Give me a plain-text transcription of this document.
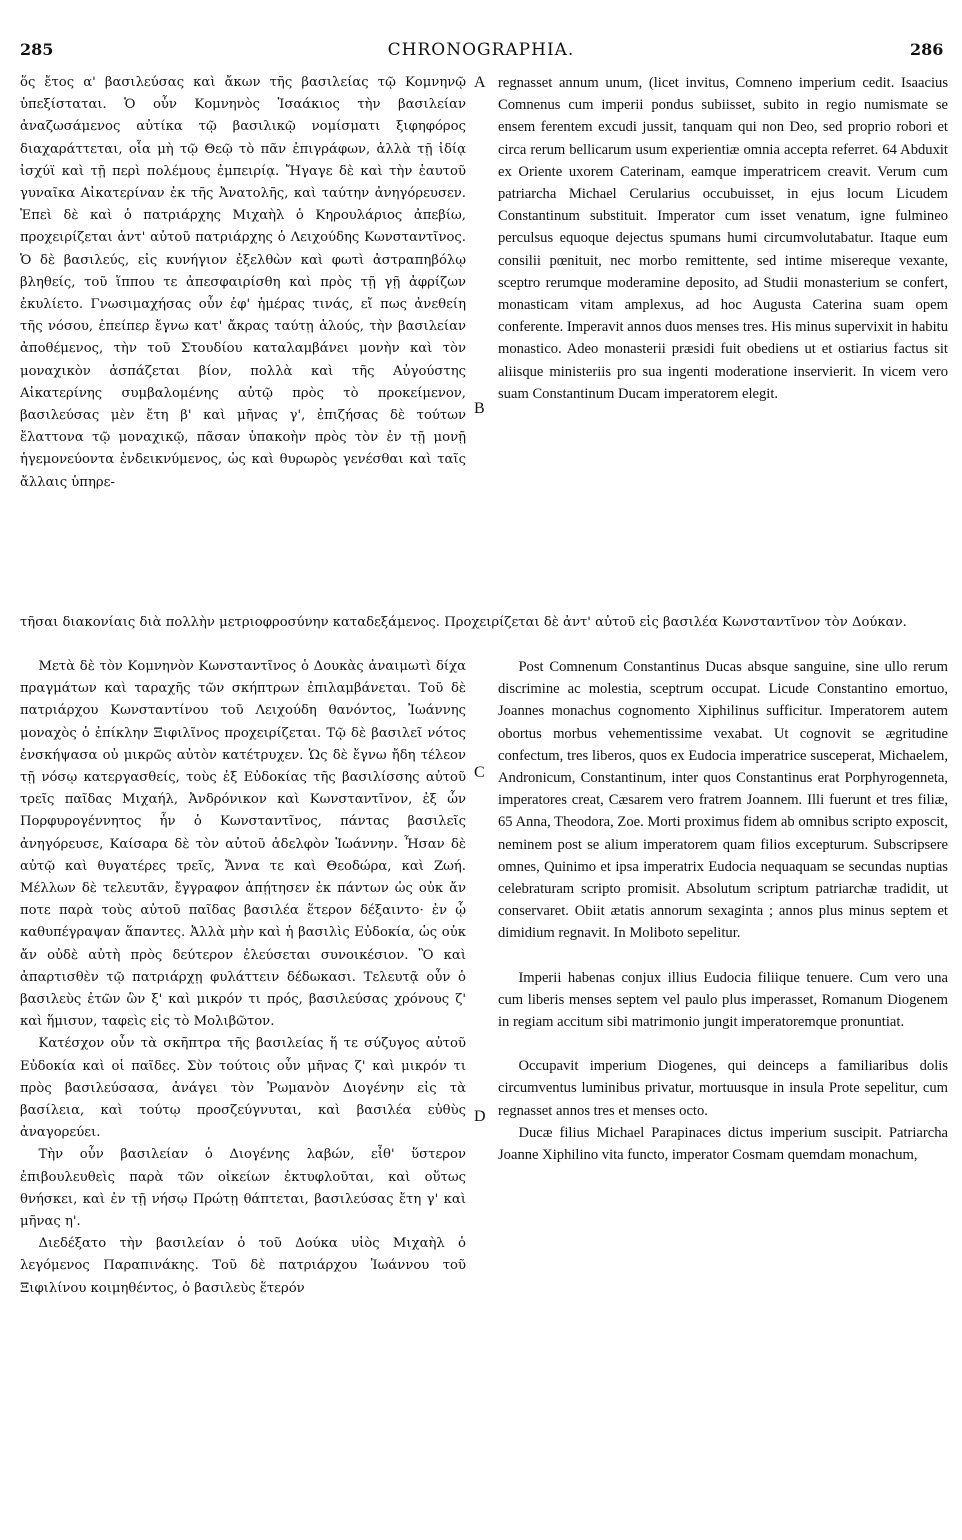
285	CHRONOGRAPHIA.	286
A
B
C
D

ὅς ἔτος α' βασιλεύσας καὶ ἄκων τῆς βασιλείας τῷ Κομνηνῷ ὑπεξίσταται. Ὁ οὖν Κομνηνὸς Ἰσαάκιος τὴν βασιλείαν ἀναζωσάμενος αὐτίκα τῷ βασιλικῷ νομίσματι ξιφηφόρος διαχαράττεται, οἷα μὴ τῷ Θεῷ τὸ πᾶν ἐπιγράφων, ἀλλὰ τῇ ἰδίᾳ ἰσχύϊ καὶ τῇ περὶ πολέμους ἐμπειρίᾳ. Ἤγαγε δὲ καὶ τὴν ἑαυτοῦ γυναῖκα Αἰκατερίναν ἐκ τῆς Ἀνατολῆς, καὶ ταύτην ἀνηγόρευσεν. Ἐπεὶ δὲ καὶ ὁ πατριάρχης Μιχαὴλ ὁ Κηρουλάριος ἀπεβίω, προχειρίζεται ἀντ' αὐτοῦ πατριάρχης ὁ Λειχούδης Κωνσταντῖνος. Ὁ δὲ βασιλεύς, εἰς κυνήγιον ἐξελθὼν καὶ φωτὶ ἀστραπηβόλῳ βληθείς, τοῦ ἵππου τε ἀπεσφαιρίσθη καὶ πρὸς τῇ γῇ ἀφρίζων ἐκυλίετο. Γνωσιμαχήσας οὖν ἐφ' ἡμέρας τινάς, εἴ πως ἀνεθείη τῆς νόσου, ἐπείπερ ἔγνω κατ' ἄκρας ταύτῃ ἁλούς, τὴν βασιλείαν ἀποθέμενος, τὴν τοῦ Στουδίου καταλαμβάνει μονὴν καὶ τὸν μοναχικὸν ἀσπάζεται βίον, πολλὰ καὶ τῆς Αὐγούστης Αἰκατερίνης συμβαλομένης αὐτῷ πρὸς τὸ προκείμενον, βασιλεύσας μὲν ἔτη β' καὶ μῆνας γ', ἐπιζήσας δὲ τούτων ἔλαττονα τῷ μοναχικῷ, πᾶσαν ὑπακοὴν πρὸς τὸν ἐν τῇ μονῇ ἡγεμονεύοντα ἐνδεικνύμενος, ὡς καὶ θυρωρὸς γενέσθαι καὶ ταῖς ἄλλαις ὑπηρε-

regnasset annum unum, (licet invitus, Comneno imperium cedit. Isaacius Comnenus cum imperii pondus subiisset, subito in regio numismate se ensem ferentem excudi jussit, tanquam qui non Deo, sed proprio robori et circa rerum bellicarum usum experientiæ omnia accepta referret. 64 Abduxit ex Oriente uxorem Caterinam, eamque imperatricem creavit. Verum cum patriarcha Michael Cerularius occubuisset, in ejus locum Licudem Constantinum substituit. Imperator cum isset venatum, igne fulmineo perculsus equoque dejectus spumans humi circumvolutabatur. Itaque eum consilii pœnituit, nec morbo remittente, sed intime misereque vexante, sceptro rerumque moderamine deposito, ad Studii monasterium se confert, monasticam vitam amplexus, ad hoc Augusta Caterina suam opem conferente. Imperavit annos duos menses tres. His minus supervixit in habitu monastico. Adeo monasterii præsidi fuit obediens ut et ostiarius factus sit aliisque ministeriis pro sua ingenti moderatione inservierit. In vicem vero suam Constantinum Ducam imperatorem elegit.

τῆσαι διακονίαις διὰ πολλὴν μετριοφροσύνην καταδεξάμενος. Προχειρίζεται δὲ ἀντ' αὐτοῦ εἰς βασιλέα Κωνσταντῖνον τὸν Δούκαν.

Μετὰ δὲ τὸν Κομνηνὸν Κωνσταντῖνος ὁ Δουκὰς ἀναιμωτὶ δίχα πραγμάτων καὶ ταραχῆς τῶν σκήπτρων ἐπιλαμβάνεται. Τοῦ δὲ πατριάρχου Κωνσταντίνου τοῦ Λειχούδη θανόντος, Ἰωάννης μοναχὸς ὁ ἐπίκλην Ξιφιλῖνος προχειρίζεται. Τῷ δὲ βασιλεῖ νότος ἐνσκήψασα οὐ μικρῶς αὐτὸν κατέτρυχεν. Ὡς δὲ ἔγνω ἤδη τέλεον τῇ νόσῳ κατεργασθείς, τοὺς ἐξ Εὐδοκίας τῆς βασιλίσσης αὐτοῦ τρεῖς παῖδας Μιχαήλ, Ἀνδρόνικον καὶ Κωνσταντῖνον, ἐξ ὧν Πορφυρογέννητος ἦν ὁ Κωνσταντῖνος, πάντας βασιλεῖς ἀνηγόρευσε, Καίσαρα δὲ τὸν αὐτοῦ ἀδελφὸν Ἰωάννην. Ἦσαν δὲ αὐτῷ καὶ θυγατέρες τρεῖς, Ἄννα τε καὶ Θεοδώρα, καὶ Ζωή. Μέλλων δὲ τελευτᾶν, ἔγγραφον ἀπῄτησεν ἐκ πάντων ὡς οὐκ ἄν ποτε παρὰ τοὺς αὐτοῦ παῖδας βασιλέα ἕτερον δέξαιντο· ἐν ᾧ καθυπέγραψαν ἅπαντες. Ἀλλὰ μὴν καὶ ἡ βασιλὶς Εὐδοκία, ὡς οὐκ ἄν οὐδὲ αὐτὴ πρὸς δεύτερον ἐλεύσεται συνοικέσιον. Ὃ καὶ ἀπαρτισθὲν τῷ πατριάρχῃ φυλάττειν δέδωκασι. Τελευτᾷ οὖν ὁ βασιλεὺς ἐτῶν ὢν ξ' καὶ μικρόν τι πρός, βασιλεύσας χρόνους ζ' καὶ ἥμισυν, ταφεὶς εἰς τὸ Μολιβῶτον.

Κατέσχον οὖν τὰ σκῆπτρα τῆς βασιλείας ἥ τε σύζυγος αὐτοῦ Εὐδοκία καὶ οἱ παῖδες. Σὺν τούτοις οὖν μῆνας ζ' καὶ μικρόν τι πρὸς βασιλεύσασα, ἀνάγει τὸν Ῥωμανὸν Διογένην εἰς τὰ βασίλεια, καὶ τούτῳ προσζεύγνυται, καὶ βασιλέα εὐθὺς ἀναγορεύει.

Τὴν οὖν βασιλείαν ὁ Διογένης λαβών, εἶθ' ὕστερον ἐπιβουλευθεὶς παρὰ τῶν οἰκείων ἐκτυφλοῦται, καὶ οὕτως θνήσκει, καὶ ἐν τῇ νήσῳ Πρώτῃ θάπτεται, βασιλεύσας ἔτη γ' καὶ μῆνας η'.

Διεδέξατο τὴν βασιλείαν ὁ τοῦ Δούκα υἱὸς Μιχαὴλ ὁ λεγόμενος Παραπινάκης. Τοῦ δὲ πατριάρχου Ἰωάννου τοῦ Ξιφιλίνου κοιμηθέντος, ὁ βασιλεὺς ἕτερόν

Post Comnenum Constantinus Ducas absque sanguine, sine ullo rerum discrimine ac molestia, sceptrum occupat. Licude Constantino emortuo, Joannes monachus cognomento Xiphilinus sufficitur. Imperatorem autem obortus morbus vehementissime vexabat. Ut cognovit se ægritudine confectum, tres liberos, quos ex Eudocia imperatrice susceperat, Michaelem, Andronicum, Constantinum, inter quos Constantinus erat Porphyrogenneta, imperatores creat, Cæsarem vero fratrem Joannem. Illi fuerunt et tres filiæ, 65 Anna, Theodora, Zoe. Morti proximus fidem ab omnibus scripto exposcit, neminem post se alium imperatorem quam filios excepturum. Subscripsere omnes, Quinimo et ipsa imperatrix Eudocia nequaquam se secundas nuptias celebraturam scripto promisit. Absolutum scriptum patriarchæ tradidit, ut conservaret. Obiit ætatis annorum sexaginta ; annos plus minus septem et dimidium regnavit. In Moliboto sepelitur.

Imperii habenas conjux illius Eudocia filiique tenuere. Cum vero una cum liberis menses septem vel paulo plus imperasset, Romanum Diogenem in regiam accitum sibi matrimonio jungit imperatoremque pronuntiat.

Occupavit imperium Diogenes, qui deinceps a familiaribus dolis circumventus luminibus privatur, mortuusque in insula Prote sepelitur, cum regnasset annos tres et menses octo.

Ducæ filius Michael Parapinaces dictus imperium suscipit. Patriarcha Joanne Xiphilino vita functo, imperator Cosmam quemdam monachum,
